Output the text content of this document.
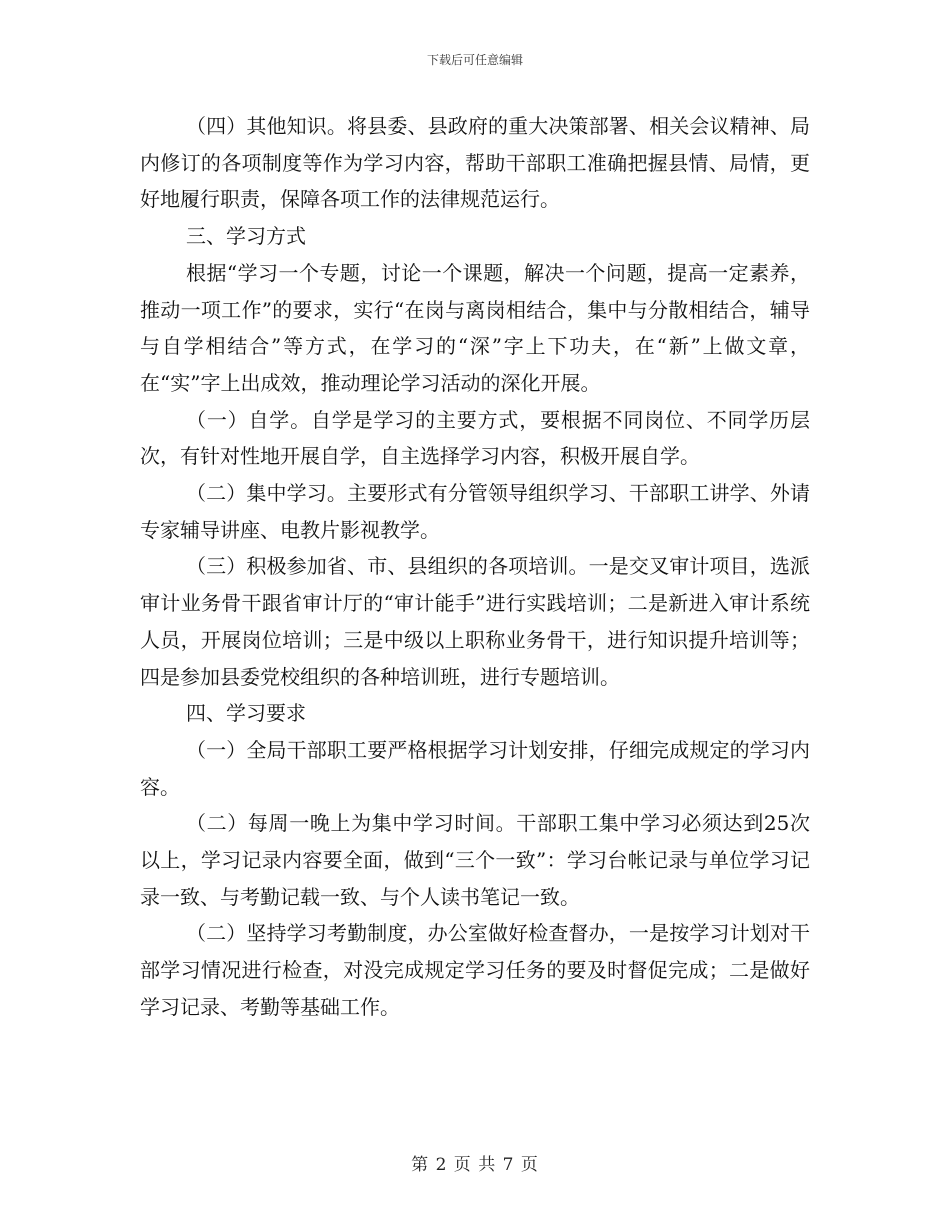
下载后可任意编辑

（四）其他知识。将县委、县政府的重大决策部署、相关会议精神、局内修订的各项制度等作为学习内容，帮助干部职工准确把握县情、局情，更好地履行职责，保障各项工作的法律规范运行。

三、学习方式

根据“学习一个专题，讨论一个课题，解决一个问题，提高一定素养，推动一项工作”的要求，实行“在岗与离岗相结合，集中与分散相结合，辅导与自学相结合”等方式，在学习的“深”字上下功夫，在“新”上做文章，在“实”字上出成效，推动理论学习活动的深化开展。

（一）自学。自学是学习的主要方式，要根据不同岗位、不同学历层次，有针对性地开展自学，自主选择学习内容，积极开展自学。

（二）集中学习。主要形式有分管领导组织学习、干部职工讲学、外请专家辅导讲座、电教片影视教学。

（三）积极参加省、市、县组织的各项培训。一是交叉审计项目，选派审计业务骨干跟省审计厅的“审计能手”进行实践培训；二是新进入审计系统人员，开展岗位培训；三是中级以上职称业务骨干，进行知识提升培训等；四是参加县委党校组织的各种培训班，进行专题培训。

四、学习要求

（一）全局干部职工要严格根据学习计划安排，仔细完成规定的学习内容。

（二）每周一晚上为集中学习时间。干部职工集中学习必须达到25次以上，学习记录内容要全面，做到“三个一致”：学习台帐记录与单位学习记录一致、与考勤记载一致、与个人读书笔记一致。

（二）坚持学习考勤制度，办公室做好检查督办，一是按学习计划对干部学习情况进行检查，对没完成规定学习任务的要及时督促完成；二是做好学习记录、考勤等基础工作。

第 2 页 共 7 页
